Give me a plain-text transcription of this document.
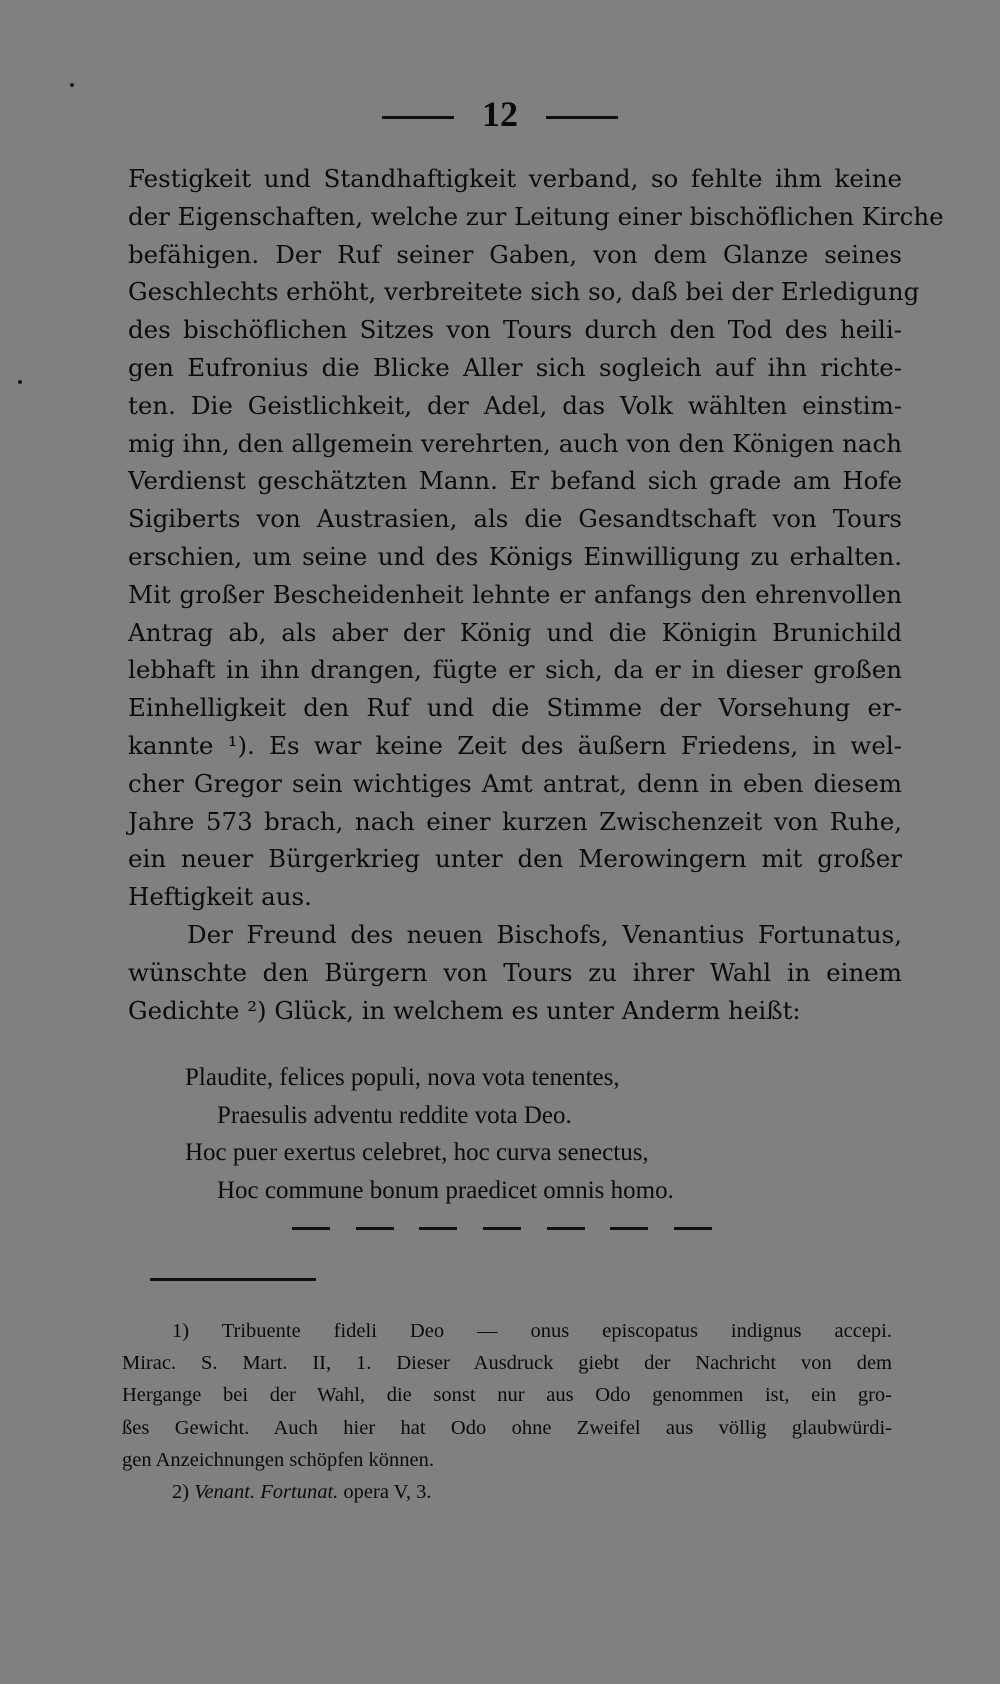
12
Festigkeit und Standhaftigkeit verband, so fehlte ihm keine
der Eigenschaften, welche zur Leitung einer bischöflichen Kirche
befähigen. Der Ruf seiner Gaben, von dem Glanze seines
Geschlechts erhöht, verbreitete sich so, daß bei der Erledigung
des bischöflichen Sitzes von Tours durch den Tod des heili-
gen Eufronius die Blicke Aller sich sogleich auf ihn richte-
ten. Die Geistlichkeit, der Adel, das Volk wählten einstim-
mig ihn, den allgemein verehrten, auch von den Königen nach
Verdienst geschätzten Mann. Er befand sich grade am Hofe
Sigiberts von Austrasien, als die Gesandtschaft von Tours
erschien, um seine und des Königs Einwilligung zu erhalten.
Mit großer Bescheidenheit lehnte er anfangs den ehrenvollen
Antrag ab, als aber der König und die Königin Brunichild
lebhaft in ihn drangen, fügte er sich, da er in dieser großen
Einhelligkeit den Ruf und die Stimme der Vorsehung er-
kannte ¹). Es war keine Zeit des äußern Friedens, in wel-
cher Gregor sein wichtiges Amt antrat, denn in eben diesem
Jahre 573 brach, nach einer kurzen Zwischenzeit von Ruhe,
ein neuer Bürgerkrieg unter den Merowingern mit großer
Heftigkeit aus.
Der Freund des neuen Bischofs, Venantius Fortunatus,
wünschte den Bürgern von Tours zu ihrer Wahl in einem
Gedichte ²) Glück, in welchem es unter Anderm heißt:
Plaudite, felices populi, nova vota tenentes,
Praesulis adventu reddite vota Deo.
Hoc puer exertus celebret, hoc curva senectus,
Hoc commune bonum praedicet omnis homo.
1) Tribuente fideli Deo — onus episcopatus indignus accepi.
Mirac. S. Mart. II, 1. Dieser Ausdruck giebt der Nachricht von dem
Hergange bei der Wahl, die sonst nur aus Odo genommen ist, ein gro-
ßes Gewicht. Auch hier hat Odo ohne Zweifel aus völlig glaubwürdi-
gen Anzeichnungen schöpfen können.
2) Venant. Fortunat. opera V, 3.
